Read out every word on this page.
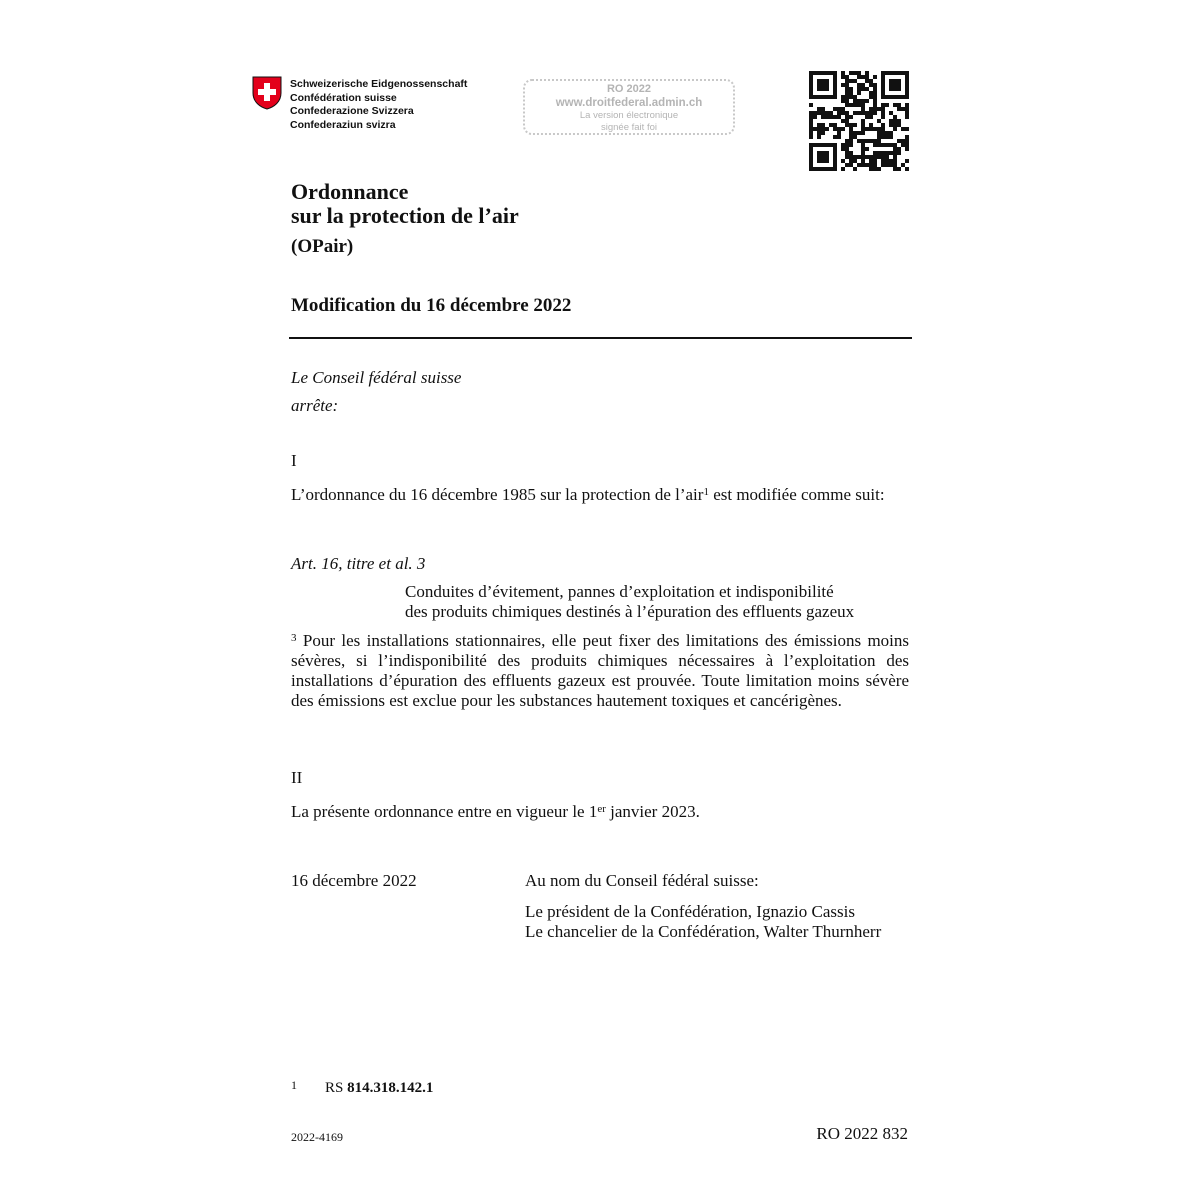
Schweizerische Eidgenossenschaft
Confédération suisse
Confederazione Svizzera
Confederaziun svizra
RO 2022
www.droitfederal.admin.ch
La version électronique
signée fait foi
Ordonnance
sur la protection de l’air
(OPair)
Modification du 16 décembre 2022
Le Conseil fédéral suisse
arrête:
I
L’ordonnance du 16 décembre 1985 sur la protection de l’air$^1$ est modifiée comme suit:
Art. 16, titre et al. 3
Conduites d’évitement, pannes d’exploitation et indisponibilité
des produits chimiques destinés à l’épuration des effluents gazeux
$^3$ Pour les installations stationnaires, elle peut fixer des limitations des émissions moins sévères, si l’indisponibilité des produits chimiques nécessaires à l’exploitation des installations d’épuration des effluents gazeux est prouvée. Toute limitation moins sévère des émissions est exclue pour les substances hautement toxiques et cancérigènes.
II
La présente ordonnance entre en vigueur le 1er janvier 2023.
16 décembre 2022	Au nom du Conseil fédéral suisse:
Le président de la Confédération, Ignazio Cassis
Le chancelier de la Confédération, Walter Thurnherr
1 RS 814.318.142.1
2022-4169	RO 2022 832
